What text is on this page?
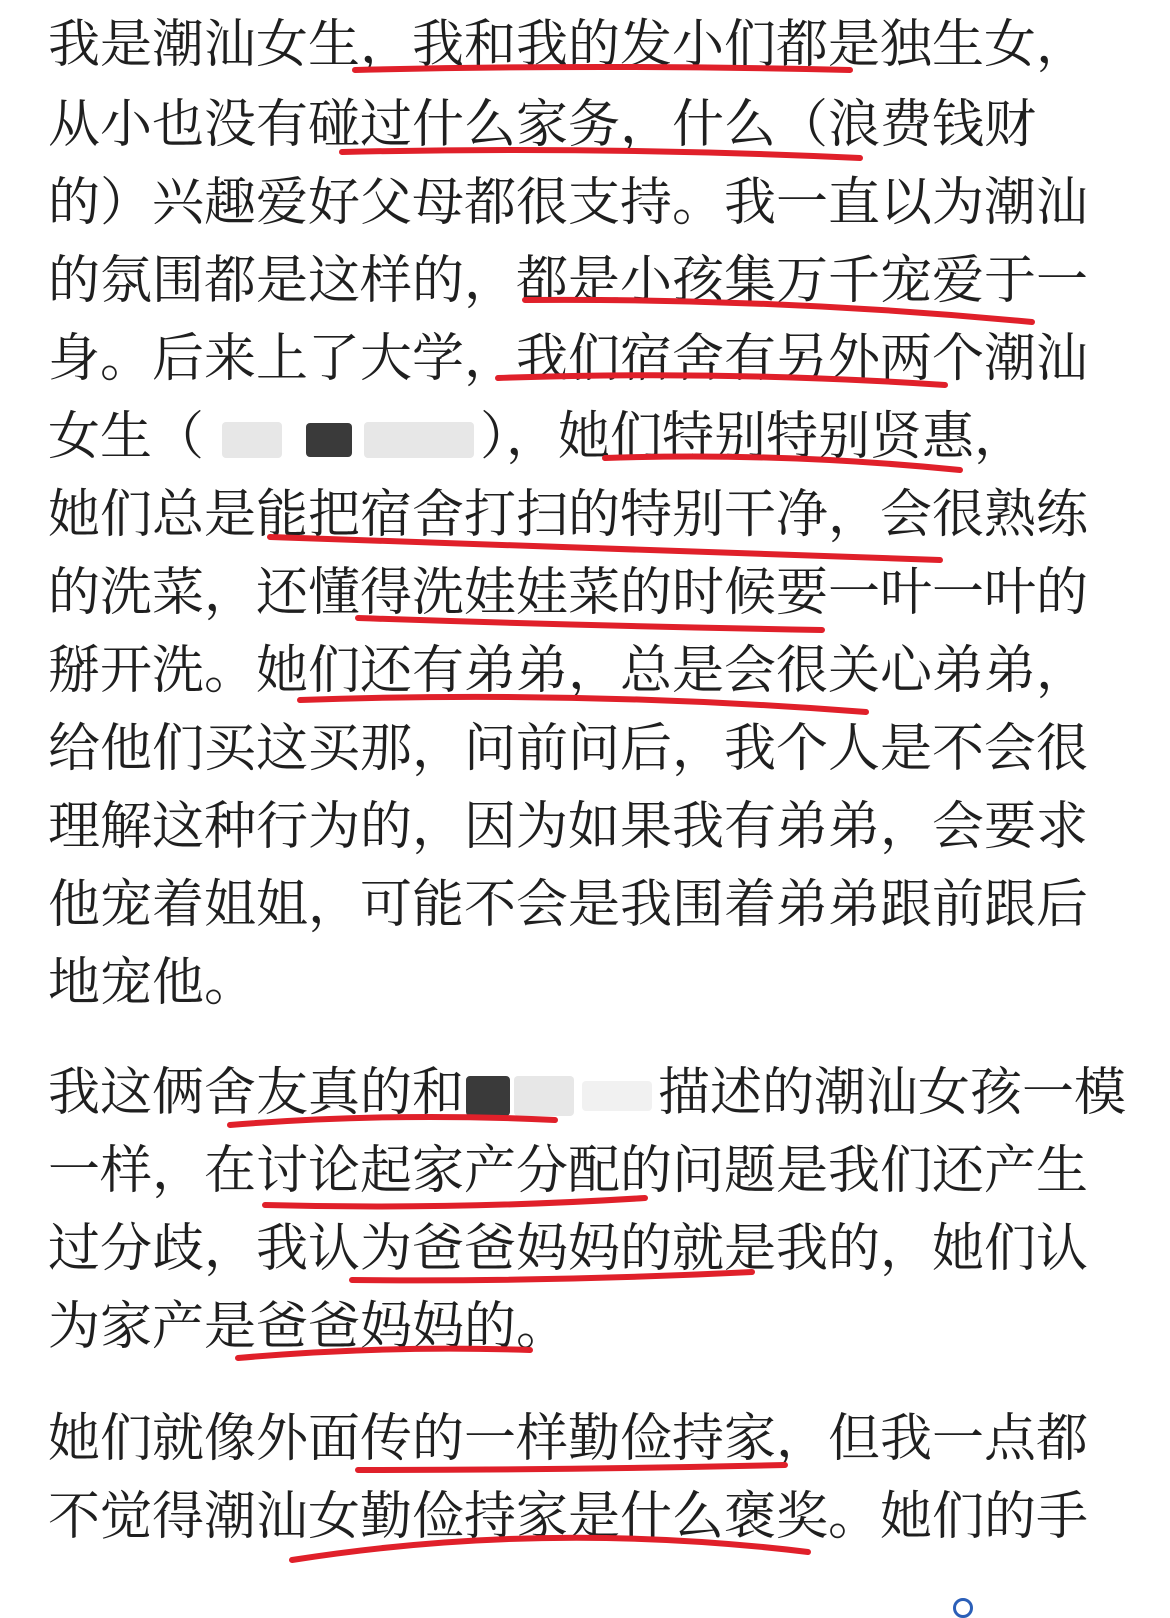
我是潮汕女生，我和我的发小们都是独生女，
从小也没有碰过什么家务，什么（浪费钱财
的）兴趣爱好父母都很支持。我一直以为潮汕
的氛围都是这样的，都是小孩集万千宠爱于一
身。后来上了大学，我们宿舍有另外两个潮汕
女生（	），她们特别特别贤惠，
她们总是能把宿舍打扫的特别干净，会很熟练
的洗菜，还懂得洗娃娃菜的时候要一叶一叶的
掰开洗。她们还有弟弟，总是会很关心弟弟，
给他们买这买那，问前问后，我个人是不会很
理解这种行为的，因为如果我有弟弟，会要求
他宠着姐姐，可能不会是我围着弟弟跟前跟后
地宠他。
我这俩舍友真的和	描述的潮汕女孩一模
一样，在讨论起家产分配的问题是我们还产生
过分歧，我认为爸爸妈妈的就是我的，她们认
为家产是爸爸妈妈的。
她们就像外面传的一样勤俭持家，但我一点都
不觉得潮汕女勤俭持家是什么褒奖。她们的手
